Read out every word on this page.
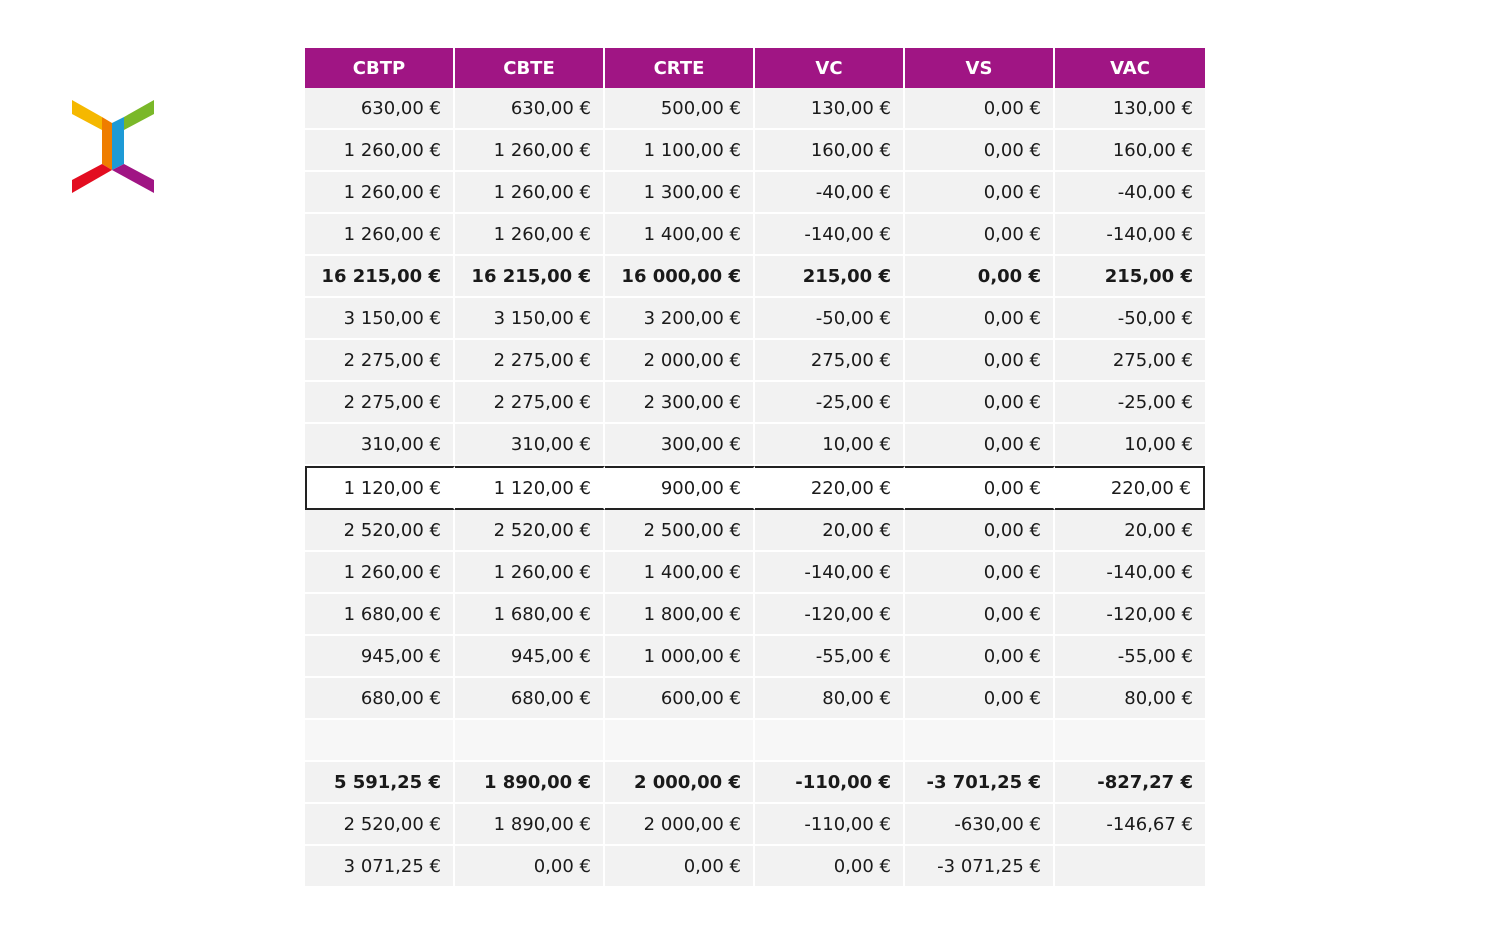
CBTP	CBTE	CRTE	VC	VS	VAC
630,00 €	630,00 €	500,00 €	130,00 €	0,00 €	130,00 €
1 260,00 €	1 260,00 €	1 100,00 €	160,00 €	0,00 €	160,00 €
1 260,00 €	1 260,00 €	1 300,00 €	-40,00 €	0,00 €	-40,00 €
1 260,00 €	1 260,00 €	1 400,00 €	-140,00 €	0,00 €	-140,00 €
16 215,00 €	16 215,00 €	16 000,00 €	215,00 €	0,00 €	215,00 €
3 150,00 €	3 150,00 €	3 200,00 €	-50,00 €	0,00 €	-50,00 €
2 275,00 €	2 275,00 €	2 000,00 €	275,00 €	0,00 €	275,00 €
2 275,00 €	2 275,00 €	2 300,00 €	-25,00 €	0,00 €	-25,00 €
310,00 €	310,00 €	300,00 €	10,00 €	0,00 €	10,00 €
1 120,00 €	1 120,00 €	900,00 €	220,00 €	0,00 €	220,00 €
2 520,00 €	2 520,00 €	2 500,00 €	20,00 €	0,00 €	20,00 €
1 260,00 €	1 260,00 €	1 400,00 €	-140,00 €	0,00 €	-140,00 €
1 680,00 €	1 680,00 €	1 800,00 €	-120,00 €	0,00 €	-120,00 €
945,00 €	945,00 €	1 000,00 €	-55,00 €	0,00 €	-55,00 €
680,00 €	680,00 €	600,00 €	80,00 €	0,00 €	80,00 €

5 591,25 €	1 890,00 €	2 000,00 €	-110,00 €	-3 701,25 €	-827,27 €
2 520,00 €	1 890,00 €	2 000,00 €	-110,00 €	-630,00 €	-146,67 €
3 071,25 €	0,00 €	0,00 €	0,00 €	-3 071,25 €	
